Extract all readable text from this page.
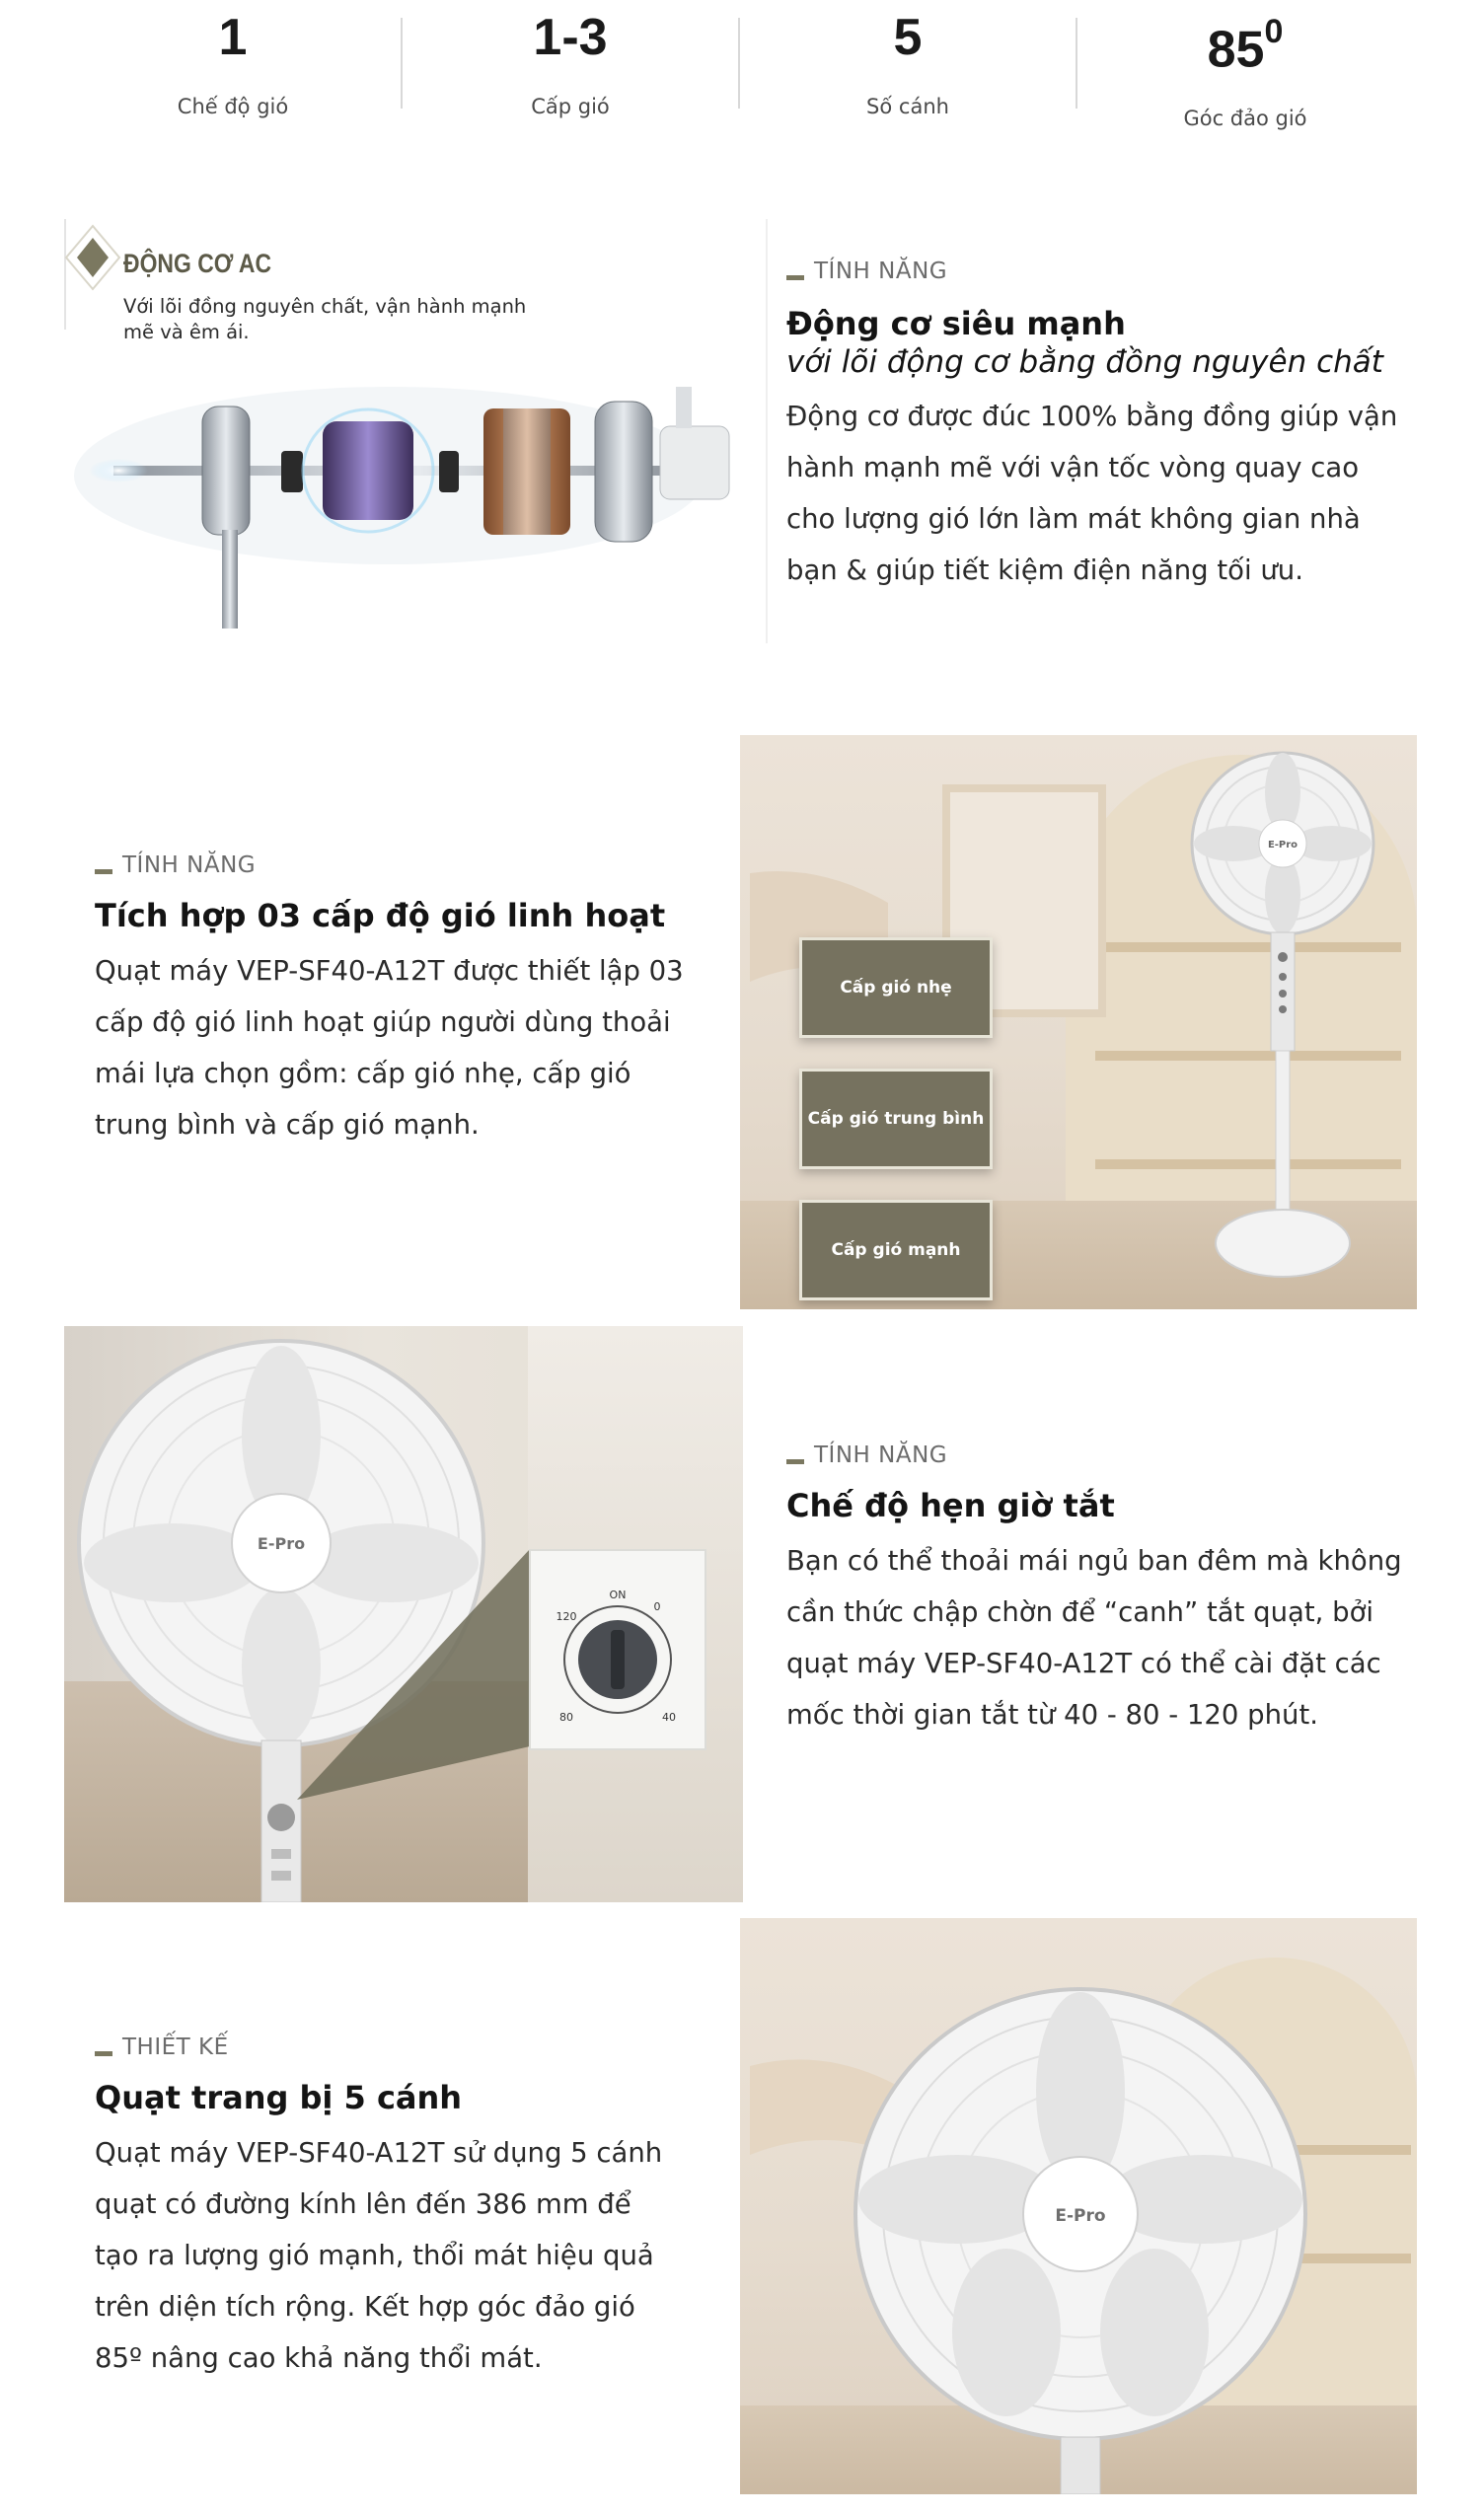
1
Chế độ gió
1-3
Cấp gió
5
Số cánh
$85^0$
Góc đảo gió
ĐỘNG CƠ AC
Với lõi đồng nguyên chất, vận hành mạnh
mẽ và êm ái.
TÍNH NĂNG
Động cơ siêu mạnh
với lõi động cơ bằng đồng nguyên chất
Động cơ được đúc 100% bằng đồng giúp vận
hành mạnh mẽ với vận tốc vòng quay cao
cho lượng gió lớn làm mát không gian nhà
bạn & giúp tiết kiệm điện năng tối ưu.
TÍNH NĂNG
Tích hợp 03 cấp độ gió linh hoạt
Quạt máy VEP-SF40-A12T được thiết lập 03
cấp độ gió linh hoạt giúp người dùng thoải
mái lựa chọn gồm: cấp gió nhẹ, cấp gió
trung bình và cấp gió mạnh.
E-Pro
Cấp gió nhẹ
Cấp gió trung bình
Cấp gió mạnh
E-Pro
ON
0
120
40
80
TÍNH NĂNG
Chế độ hẹn giờ tắt
Bạn có thể thoải mái ngủ ban đêm mà không
cần thức chập chờn để “canh” tắt quạt, bởi
quạt máy VEP-SF40-A12T có thể cài đặt các
mốc thời gian tắt từ 40 - 80 - 120 phút.
THIẾT KẾ
Quạt trang bị 5 cánh
Quạt máy VEP-SF40-A12T sử dụng 5 cánh
quạt có đường kính lên đến 386 mm để
tạo ra lượng gió mạnh, thổi mát hiệu quả
trên diện tích rộng. Kết hợp góc đảo gió
85º nâng cao khả năng thổi mát.
E-Pro
